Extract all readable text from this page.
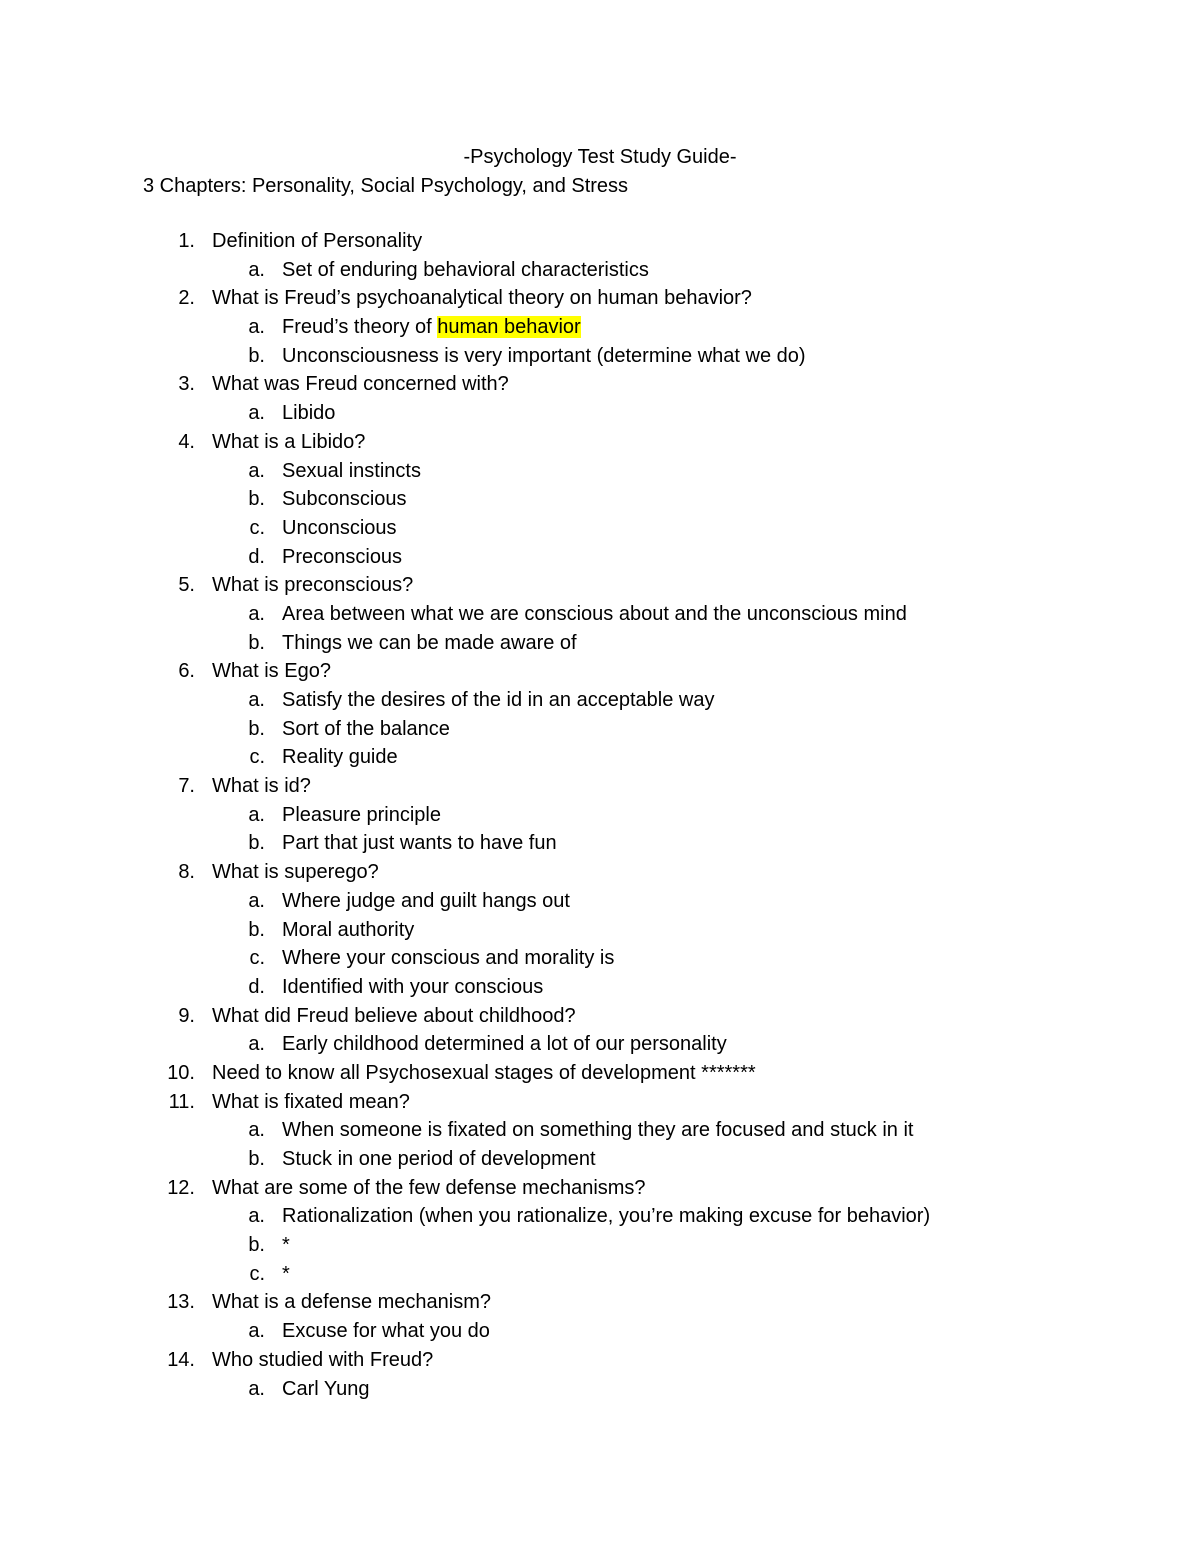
-Psychology Test Study Guide-
3 Chapters: Personality, Social Psychology, and Stress
1. Definition of Personality
a. Set of enduring behavioral characteristics
2. What is Freud’s psychoanalytical theory on human behavior?
a. Freud’s theory of human behavior
b. Unconsciousness is very important (determine what we do)
3. What was Freud concerned with?
a. Libido
4. What is a Libido?
a. Sexual instincts
b. Subconscious
c. Unconscious
d. Preconscious
5. What is preconscious?
a. Area between what we are conscious about and the unconscious mind
b. Things we can be made aware of
6. What is Ego?
a. Satisfy the desires of the id in an acceptable way
b. Sort of the balance
c. Reality guide
7. What is id?
a. Pleasure principle
b. Part that just wants to have fun
8. What is superego?
a. Where judge and guilt hangs out
b. Moral authority
c. Where your conscious and morality is
d. Identified with your conscious
9. What did Freud believe about childhood?
a. Early childhood determined a lot of our personality
10. Need to know all Psychosexual stages of development *******
11. What is fixated mean?
a. When someone is fixated on something they are focused and stuck in it
b. Stuck in one period of development
12. What are some of the few defense mechanisms?
a. Rationalization (when you rationalize, you’re making excuse for behavior)
b. *
c. *
13. What is a defense mechanism?
a. Excuse for what you do
14. Who studied with Freud?
a. Carl Yung
